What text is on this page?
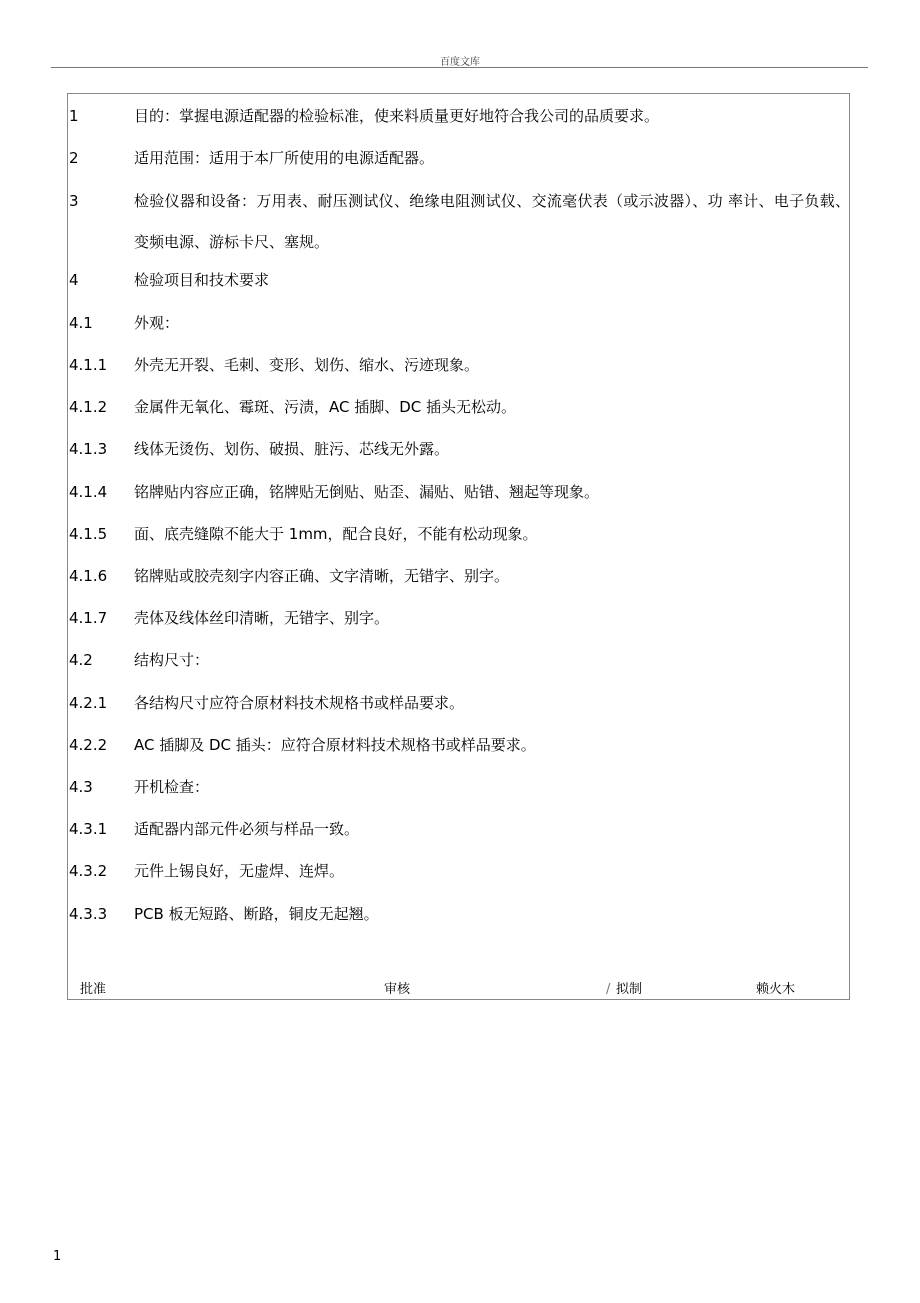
百度文库
1	目的：掌握电源适配器的检验标准，使来料质量更好地符合我公司的品质要求。
2	适用范围：适用于本厂所使用的电源适配器。
3	检验仪器和设备：万用表、耐压测试仪、绝缘电阻测试仪、交流毫伏表（或示波器）、功 率计、电子负载、变频电源、游标卡尺、塞规。
4	检验项目和技术要求
4.1	外观：
4.1.1 外壳无开裂、毛刺、变形、划伤、缩水、污迹现象。
4.1.2 金属件无氧化、霉斑、污渍，AC 插脚、DC 插头无松动。
4.1.3 线体无烫伤、划伤、破损、脏污、芯线无外露。
4.1.4 铭牌贴内容应正确，铭牌贴无倒贴、贴歪、漏贴、贴错、翘起等现象。
4.1.5 面、底壳缝隙不能大于 1mm，配合良好，不能有松动现象。
4.1.6 铭牌贴或胶壳刻字内容正确、文字清晰，无错字、别字。
4.1.7 壳体及线体丝印清晰，无错字、别字。
4.2	结构尺寸：
4.2.1 各结构尺寸应符合原材料技术规格书或样品要求。
4.2.2 AC 插脚及 DC 插头：应符合原材料技术规格书或样品要求。
4.3	开机检查：
4.3.1 适配器内部元件必须与样品一致。
4.3.2 元件上锡良好，无虚焊、连焊。
4.3.3 PCB 板无短路、断路，铜皮无起翘。
批准	审核	/ 拟制	赖火木
1
